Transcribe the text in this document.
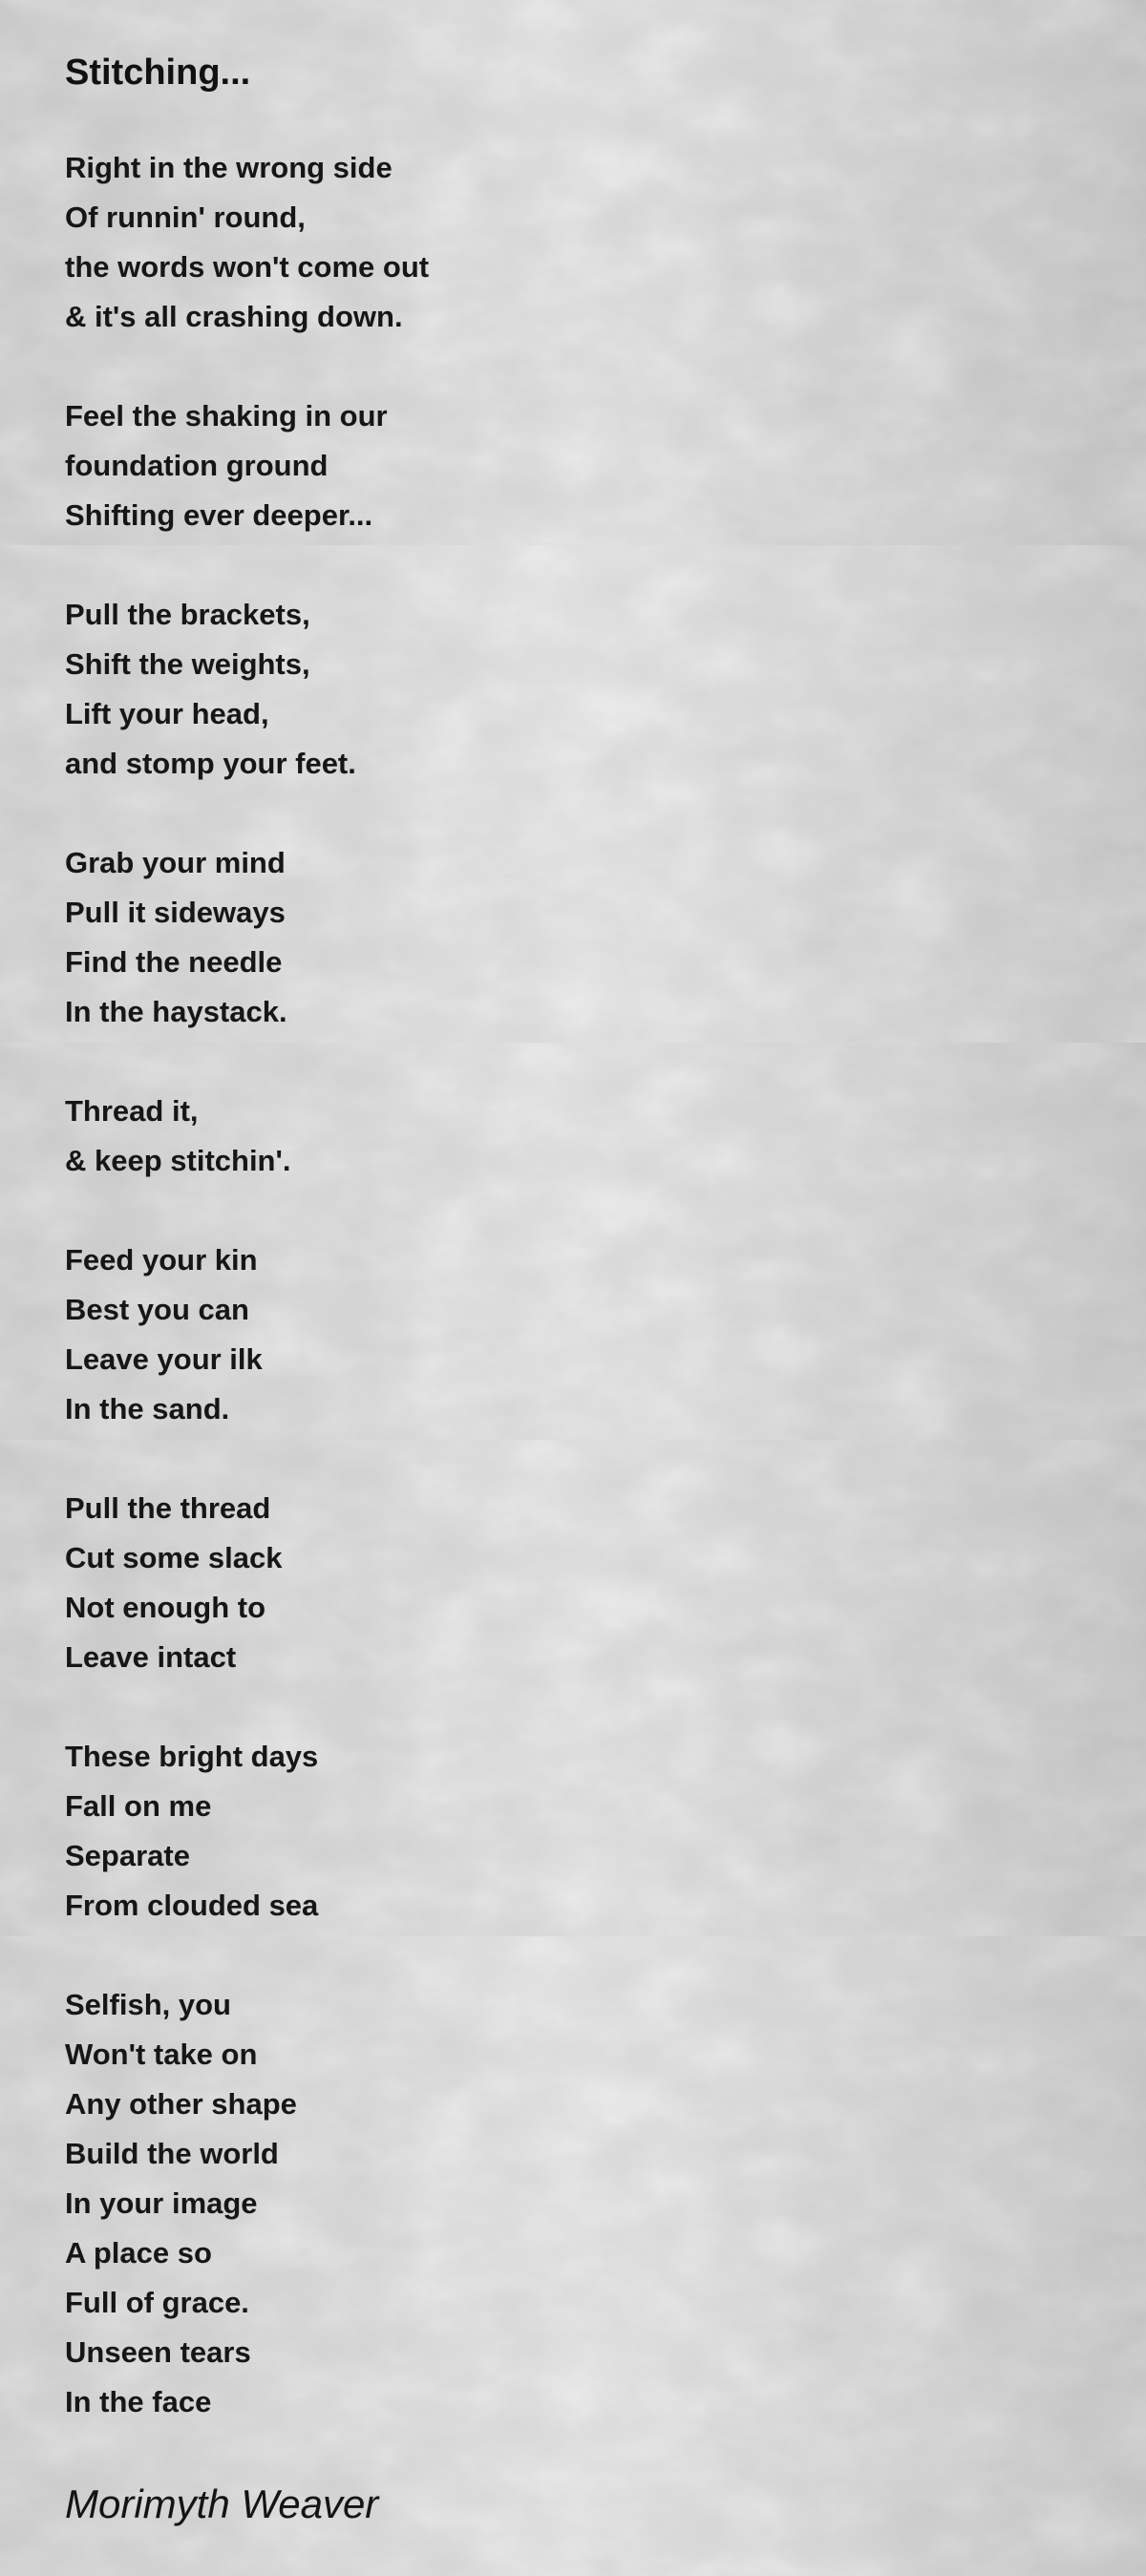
Stitching...
Right in the wrong side
Of runnin' round,
the words won't come out
& it's all crashing down.
Feel the shaking in our
foundation ground
Shifting ever deeper...
Pull the brackets,
Shift the weights,
Lift your head,
and stomp your feet.
Grab your mind
Pull it sideways
Find the needle
In the haystack.
Thread it,
& keep stitchin'.
Feed your kin
Best you can
Leave your ilk
In the sand.
Pull the thread
Cut some slack
Not enough to
Leave intact
These bright days
Fall on me
Separate
From clouded sea
Selfish, you
Won't take on
Any other shape
Build the world
In your image
A place so
Full of grace.
Unseen tears
In the face
Morimyth Weaver
